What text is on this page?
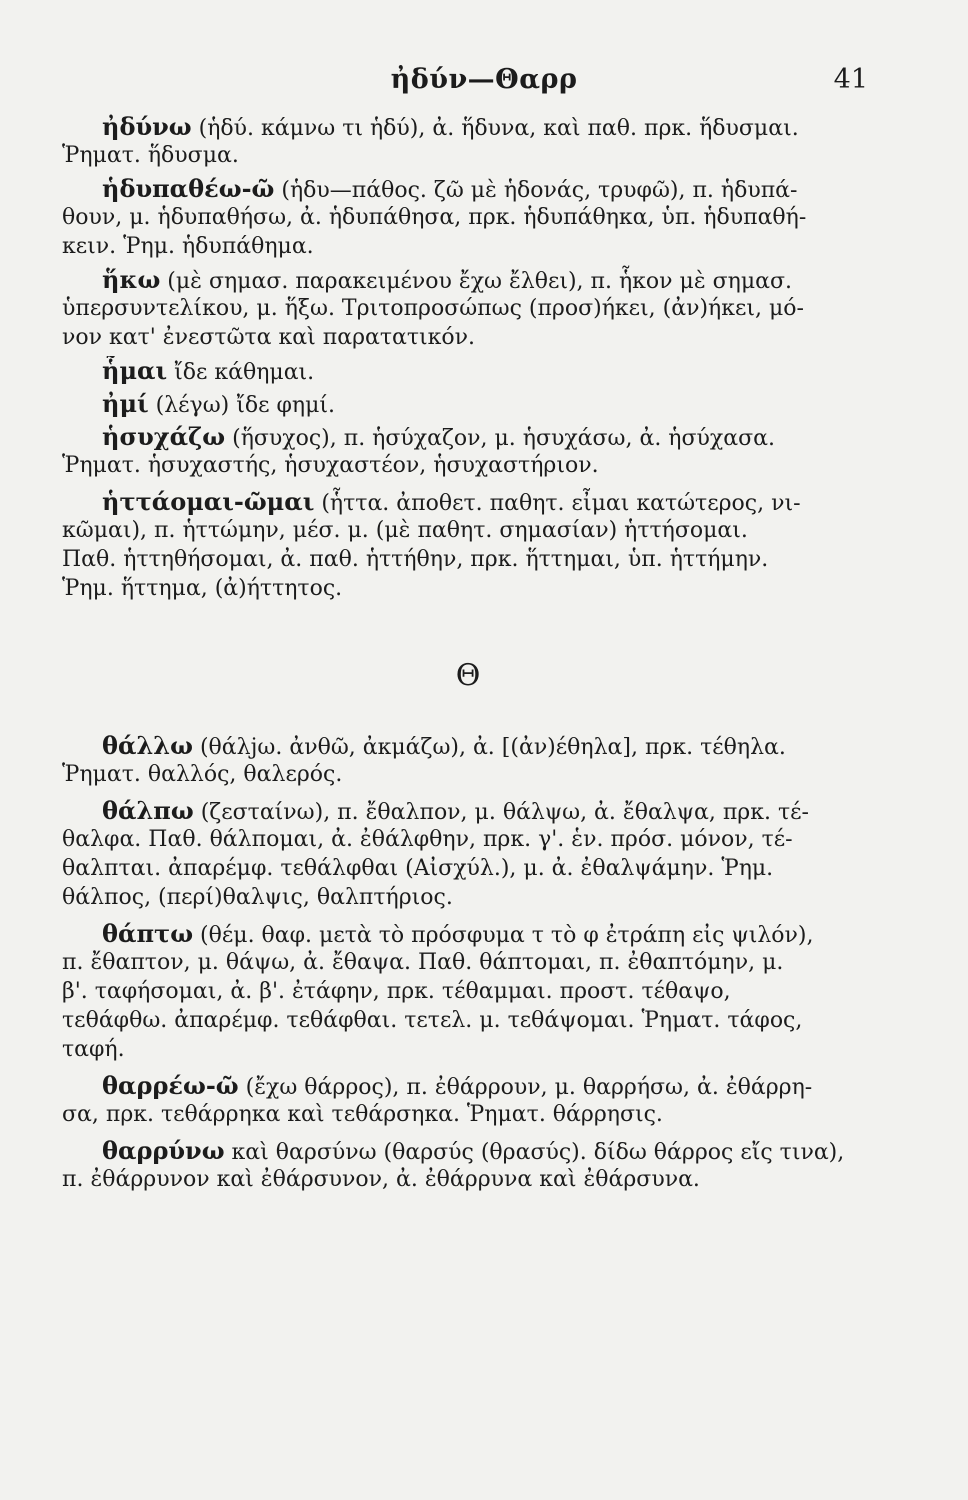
ἠδύν—Θαρρ	41
ἠδύνω (ἡδύ. κάμνω τι ἡδύ), ἀ. ἥδυνα, καὶ παθ. πρκ. ἥδυσμαι.
Ῥηματ. ἥδυσμα.
ἡδυπαθέω-ῶ (ἡδυ—πάθος. ζῶ μὲ ἡδονάς, τρυφῶ), π. ἡδυπά-
θουν, μ. ἡδυπαθήσω, ἀ. ἡδυπάθησα, πρκ. ἡδυπάθηκα, ὑπ. ἡδυπαθή-
κειν. Ῥημ. ἡδυπάθημα.
ἥκω (μὲ σημασ. παρακειμένου ἔχω ἔλθει), π. ἧκον μὲ σημασ.
ὑπερσυντελίκου, μ. ἥξω. Τριτοπροσώπως (προσ)ήκει, (ἀν)ήκει, μό-
νον κατ' ἐνεστῶτα καὶ παρατατικόν.
ἧμαι ἴδε κάθημαι.
ἠμί (λέγω) ἴδε φημί.
ἡσυχάζω (ἥσυχος), π. ἡσύχαζον, μ. ἡσυχάσω, ἀ. ἡσύχασα.
Ῥηματ. ἡσυχαστής, ἡσυχαστέον, ἡσυχαστήριον.
ἡττάομαι-ῶμαι (ἧττα. ἀποθετ. παθητ. εἶμαι κατώτερος, νι-
κῶμαι), π. ἡττώμην, μέσ. μ. (μὲ παθητ. σημασίαν) ἡττήσομαι.
Παθ. ἡττηθήσομαι, ἀ. παθ. ἡττήθην, πρκ. ἥττημαι, ὑπ. ἡττήμην.
Ῥημ. ἥττημα, (ἀ)ήττητος.
Θ
θάλλω (θάλjω. ἀνθῶ, ἀκμάζω), ἀ. [(ἀν)έθηλα], πρκ. τέθηλα.
Ῥηματ. θαλλός, θαλερός.
θάλπω (ζεσταίνω), π. ἔθαλπον, μ. θάλψω, ἀ. ἔθαλψα, πρκ. τέ-
θαλφα. Παθ. θάλπομαι, ἀ. ἐθάλφθην, πρκ. γ'. ἑν. πρόσ. μόνον, τέ-
θαλπται. ἀπαρέμφ. τεθάλφθαι (Αἰσχύλ.), μ. ἀ. ἐθαλψάμην. Ῥημ.
θάλπος, (περί)θαλψις, θαλπτήριος.
θάπτω (θέμ. θαφ. μετὰ τὸ πρόσφυμα τ τὸ φ ἐτράπη εἰς ψιλόν),
π. ἔθαπτον, μ. θάψω, ἀ. ἔθαψα. Παθ. θάπτομαι, π. ἐθαπτόμην, μ.
β'. ταφήσομαι, ἀ. β'. ἐτάφην, πρκ. τέθαμμαι. προστ. τέθαψο,
τεθάφθω. ἀπαρέμφ. τεθάφθαι. τετελ. μ. τεθάψομαι. Ῥηματ. τάφος,
ταφή.
θαρρέω-ῶ (ἔχω θάρρος), π. ἐθάρρουν, μ. θαρρήσω, ἀ. ἐθάρρη-
σα, πρκ. τεθάρρηκα καὶ τεθάρσηκα. Ῥηματ. θάρρησις.
θαρρύνω καὶ θαρσύνω (θαρσύς (θρασύς). δίδω θάρρος εἴς τινα),
π. ἐθάρρυνον καὶ ἐθάρσυνον, ἀ. ἐθάρρυνα καὶ ἐθάρσυνα.
